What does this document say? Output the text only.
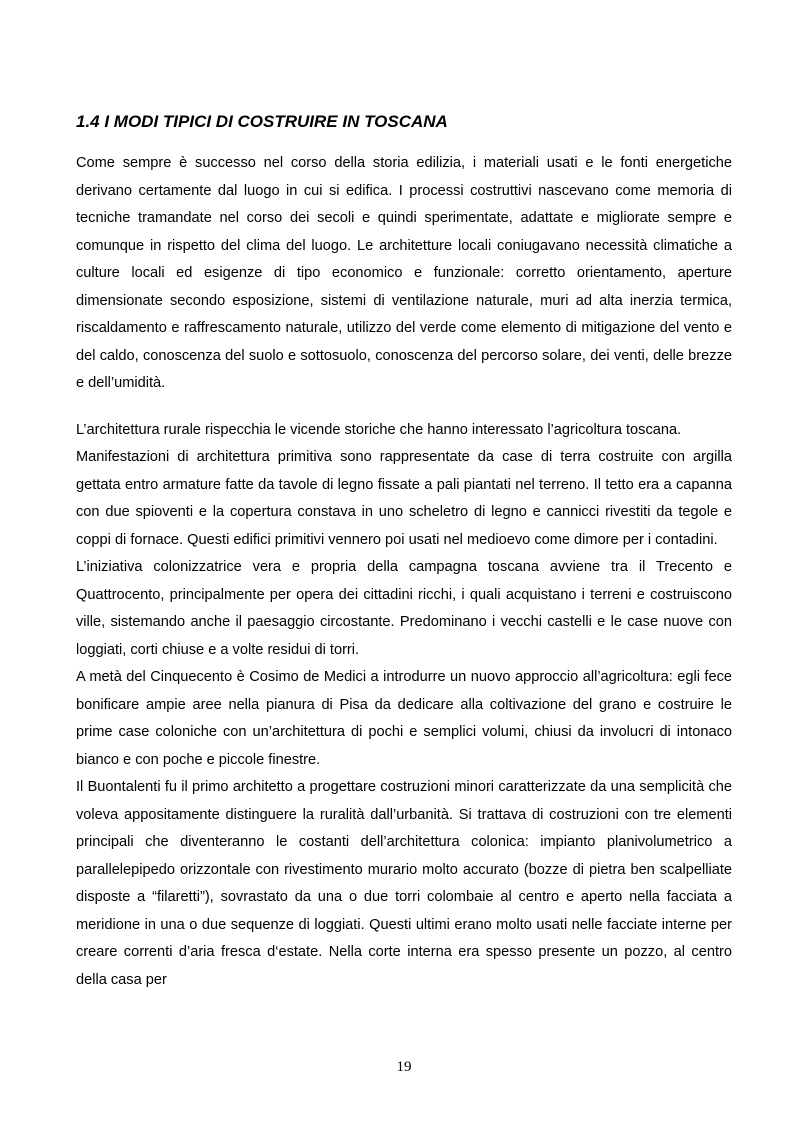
1.4 I MODI TIPICI DI COSTRUIRE IN TOSCANA

Come sempre è successo nel corso della storia edilizia, i materiali usati e le fonti energetiche derivano certamente dal luogo in cui si edifica. I processi costruttivi nascevano come memoria di tecniche tramandate nel corso dei secoli e quindi sperimentate, adattate e migliorate sempre e comunque in rispetto del clima del luogo. Le architetture locali coniugavano necessità climatiche a culture locali ed esigenze di tipo economico e funzionale: corretto orientamento, aperture dimensionate secondo esposizione, sistemi di ventilazione naturale, muri ad alta inerzia termica, riscaldamento e raffrescamento naturale, utilizzo del verde come elemento di mitigazione del vento e del caldo, conoscenza del suolo e sottosuolo, conoscenza del percorso solare, dei venti, delle brezze e dell’umidità.

L’architettura rurale rispecchia le vicende storiche che hanno interessato l’agricoltura toscana.

Manifestazioni di architettura primitiva sono rappresentate da case di terra costruite con argilla gettata entro armature fatte da tavole di legno fissate a pali piantati nel terreno. Il tetto era a capanna con due spioventi e la copertura constava in uno scheletro di legno e cannicci rivestiti da tegole e coppi di fornace. Questi edifici primitivi vennero poi usati nel medioevo come dimore per i contadini.

L’iniziativa colonizzatrice vera e propria della campagna toscana avviene tra il Trecento e Quattrocento, principalmente per opera dei cittadini ricchi, i quali acquistano i terreni e costruiscono ville, sistemando anche il paesaggio circostante. Predominano i vecchi castelli e le case nuove con loggiati, corti chiuse e a volte residui di torri.

A metà del Cinquecento è Cosimo de Medici a introdurre un nuovo approccio all’agricoltura: egli fece bonificare ampie aree nella pianura di Pisa da dedicare alla coltivazione del grano e costruire le prime case coloniche con un’architettura di pochi e semplici volumi, chiusi da involucri di intonaco bianco e con poche e piccole finestre.

Il Buontalenti fu il primo architetto a progettare costruzioni minori caratterizzate da una semplicità che voleva appositamente distinguere la ruralità dall’urbanità. Si trattava di costruzioni con tre elementi principali che diventeranno le costanti dell’architettura colonica: impianto planivolumetrico a parallelepipedo orizzontale con rivestimento murario molto accurato (bozze di pietra ben scalpelliate disposte a “filaretti”), sovrastato da una o due torri colombaie al centro e aperto nella facciata a meridione in una o due sequenze di loggiati. Questi ultimi erano molto usati nelle facciate interne per creare correnti d’aria fresca d‘estate. Nella corte interna era spesso presente un pozzo, al centro della casa per

19
